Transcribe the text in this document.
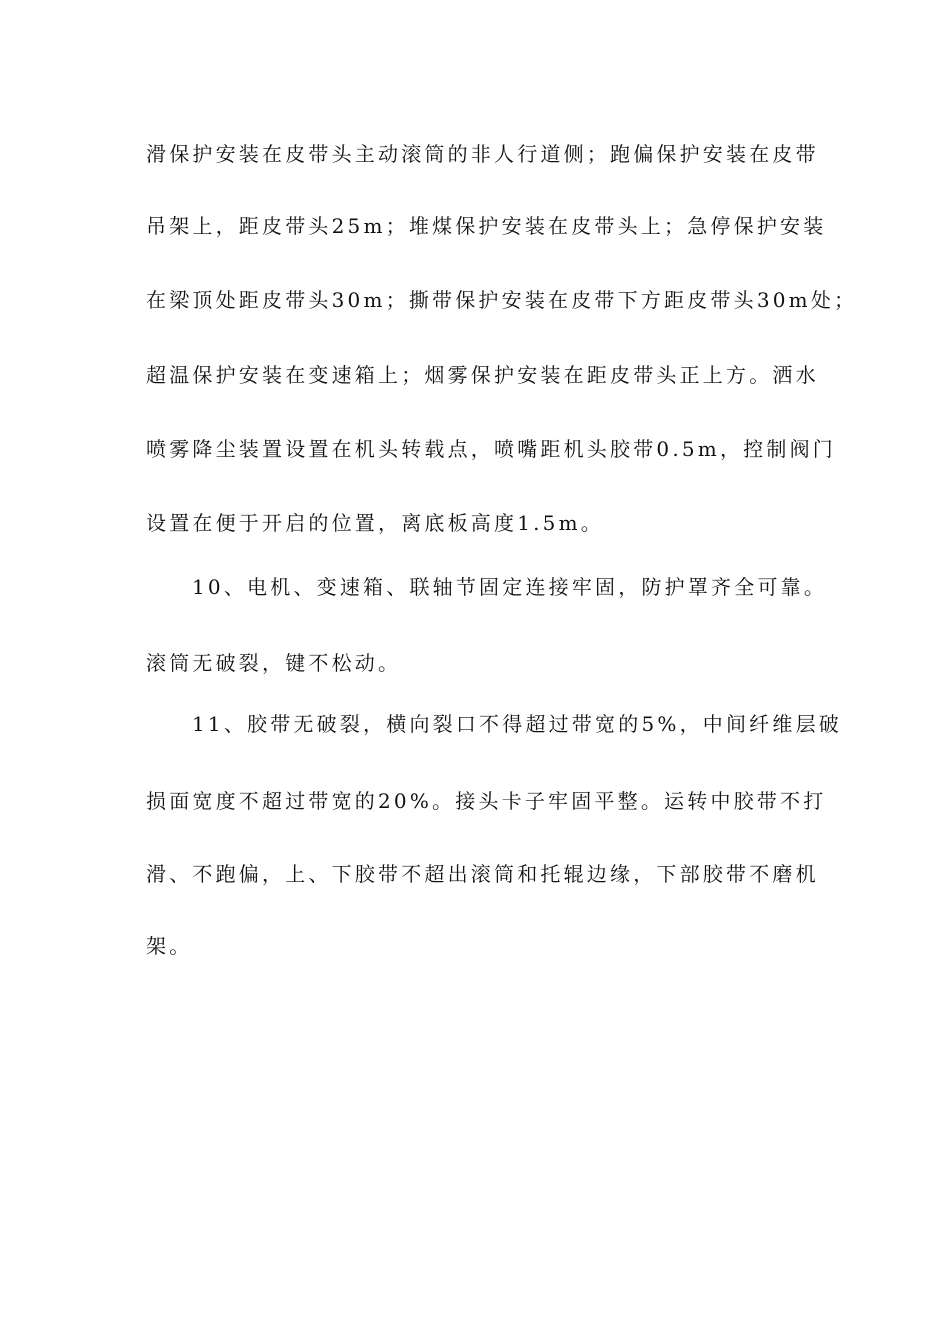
滑保护安装在皮带头主动滚筒的非人行道侧；跑偏保护安装在皮带
吊架上，距皮带头25m；堆煤保护安装在皮带头上；急停保护安装
在梁顶处距皮带头30m；撕带保护安装在皮带下方距皮带头30m处；
超温保护安装在变速箱上；烟雾保护安装在距皮带头正上方。洒水
喷雾降尘装置设置在机头转载点，喷嘴距机头胶带0.5m，控制阀门
设置在便于开启的位置，离底板高度1.5m。
10、电机、变速箱、联轴节固定连接牢固，防护罩齐全可靠。
滚筒无破裂，键不松动。
11、胶带无破裂，横向裂口不得超过带宽的5%，中间纤维层破
损面宽度不超过带宽的20%。接头卡子牢固平整。运转中胶带不打
滑、不跑偏，上、下胶带不超出滚筒和托辊边缘，下部胶带不磨机
架。
